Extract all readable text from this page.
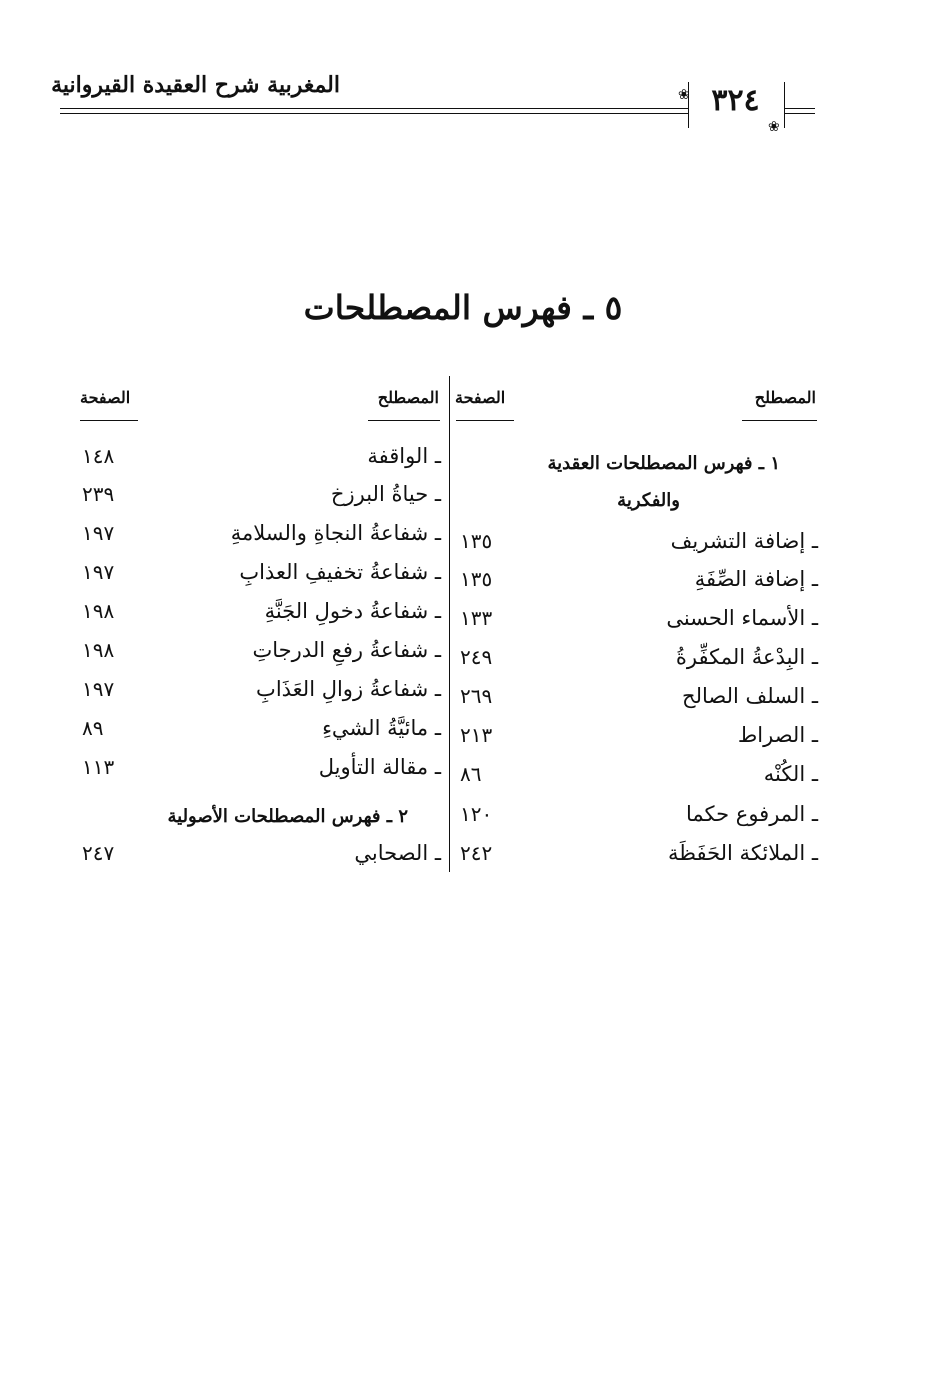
المغربية شرح العقيدة القيروانية	٣٢٤
❀
❀
٥ ـ فهرس المصطلحات
المصطلح
الصفحة
المصطلح
الصفحة
١ ـ فهرس المصطلحات العقدية
والفكرية
ـ إضافة التشريف
١٣٥
ـ إضافة الصِّفَةِ
١٣٥
ـ الأسماء الحسنى
١٣٣
ـ البِدْعةُ المكفِّرةُ
٢٤٩
ـ السلف الصالح
٢٦٩
ـ الصراط
٢١٣
ـ الكُنْه
٨٦
ـ المرفوع حكما
١٢٠
ـ الملائكة الحَفَظَة
٢٤٢
ـ الواقفة
١٤٨
ـ حياةُ البرزخ
٢٣٩
ـ شفاعةُ النجاةِ والسلامةِ
١٩٧
ـ شفاعةُ تخفيفِ العذابِ
١٩٧
ـ شفاعةُ دخولِ الجَنَّةِ
١٩٨
ـ شفاعةُ رفعِ الدرجاتِ
١٩٨
ـ شفاعةُ زوالِ العَذَابِ
١٩٧
ـ مائيَّةُ الشيءِ
٨٩
ـ مقالة التأويل
١١٣
٢ ـ فهرس المصطلحات الأصولية
ـ الصحابي
٢٤٧
